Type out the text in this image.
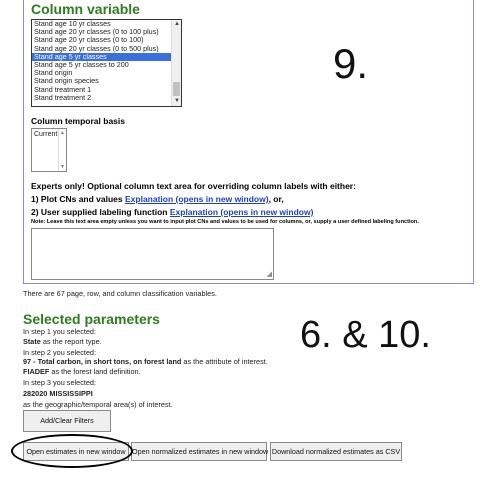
Column variable
Stand age 10 yr classes
Stand age 20 yr classes (0 to 100 plus)
Stand age 20 yr classes (0 to 100)
Stand age 20 yr classes (0 to 500 plus)
Stand age 5 yr classes
Stand age 5 yr classes to 200
Stand origin
Stand origin species
Stand treatment 1
Stand treatment 2
▲
▼
9.
Column temporal basis
Current ▲
▼
Experts only! Optional column text area for overriding column labels with either:
1) Plot CNs and values Explanation (opens in new window), or,
2) User supplied labeling function Explanation (opens in new window)
Note: Leave this text area empty unless you want to input plot CNs and values to be used for columns, or, supply a user defined labeling function.
◢
There are 67 page, row, and column classification variables.
Selected parameters	6. & 10.
In step 1 you selected:
State as the report type.
In step 2 you selected:
97 - Total carbon, in short tons, on forest land as the attribute of interest.
FIADEF as the forest land definition.
In step 3 you selected:
282020 MISSISSIPPI
as the geographic/temporal area(s) of interest.
Add/Clear Filters
Open estimates in new window Open normalized estimates in new window Download normalized estimates as CSV
